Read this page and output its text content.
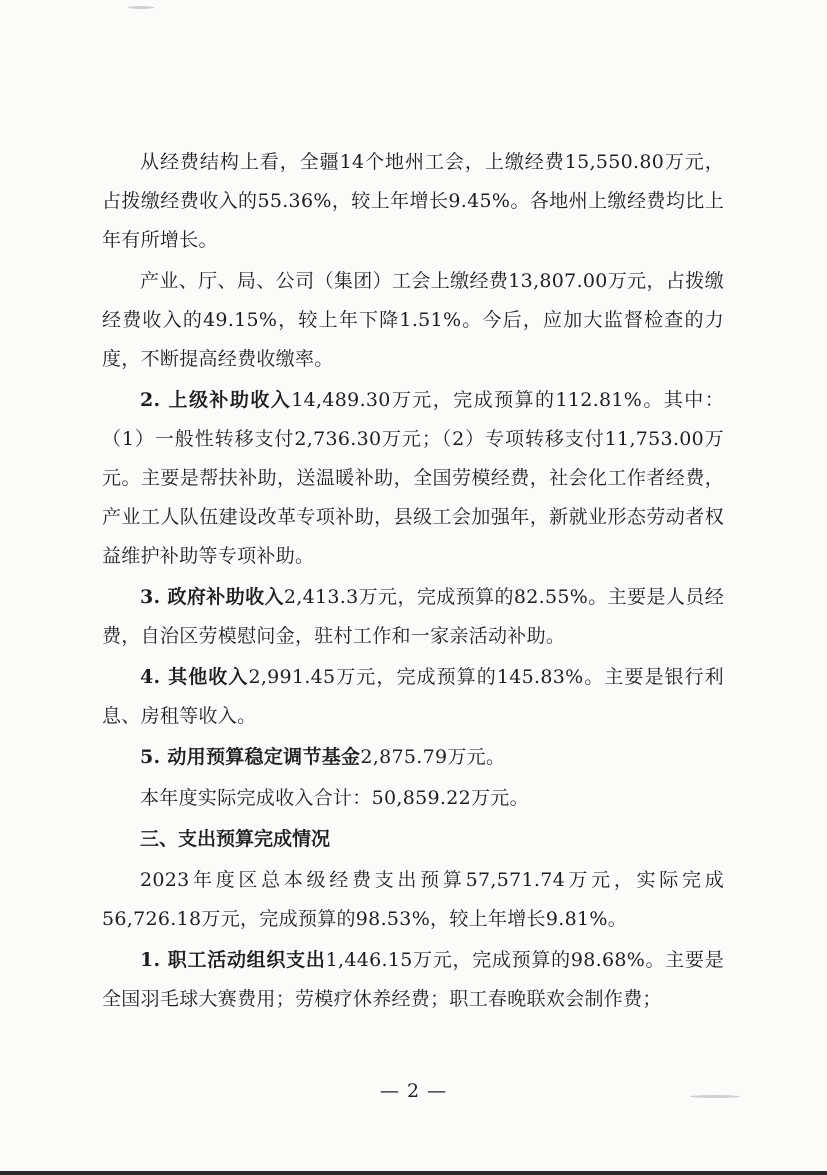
从经费结构上看，全疆14个地州工会，上缴经费15,550.80万元，占拨缴经费收入的55.36%，较上年增长9.45%。各地州上缴经费均比上年有所增长。

产业、厅、局、公司（集团）工会上缴经费13,807.00万元，占拨缴经费收入的49.15%，较上年下降1.51%。今后，应加大监督检查的力度，不断提高经费收缴率。

2. 上级补助收入14,489.30万元，完成预算的112.81%。其中：（1）一般性转移支付2,736.30万元；（2）专项转移支付11,753.00万元。主要是帮扶补助，送温暖补助，全国劳模经费，社会化工作者经费，产业工人队伍建设改革专项补助，县级工会加强年，新就业形态劳动者权益维护补助等专项补助。

3. 政府补助收入2,413.3万元，完成预算的82.55%。主要是人员经费，自治区劳模慰问金，驻村工作和一家亲活动补助。

4. 其他收入2,991.45万元，完成预算的145.83%。主要是银行利息、房租等收入。

5. 动用预算稳定调节基金2,875.79万元。

本年度实际完成收入合计：50,859.22万元。

三、支出预算完成情况

2023年度区总本级经费支出预算57,571.74万元，实际完成56,726.18万元，完成预算的98.53%，较上年增长9.81%。

1. 职工活动组织支出1,446.15万元，完成预算的98.68%。主要是全国羽毛球大赛费用；劳模疗休养经费；职工春晚联欢会制作费；

— 2 —
